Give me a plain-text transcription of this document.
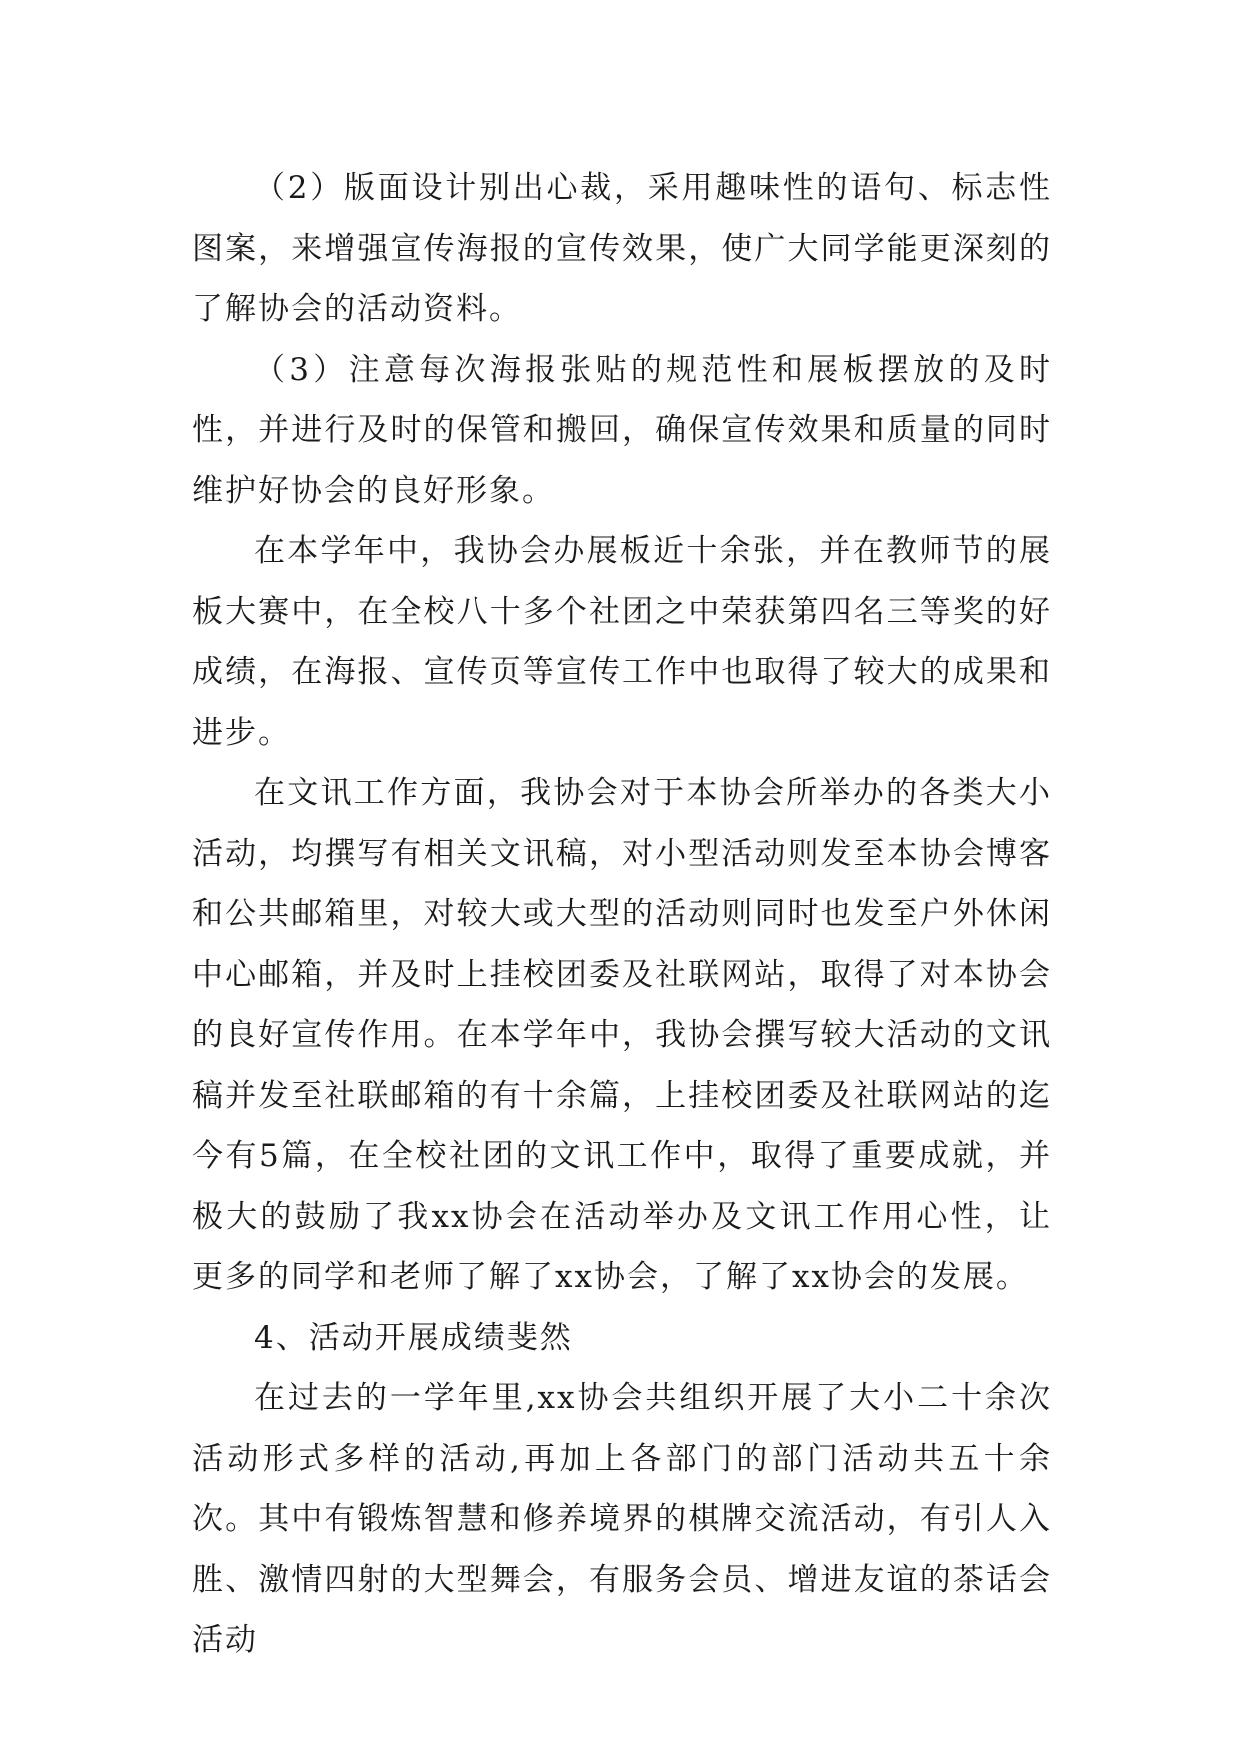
（2）版面设计别出心裁，采用趣味性的语句、标志性图案，来增强宣传海报的宣传效果，使广大同学能更深刻的了解协会的活动资料。

（3）注意每次海报张贴的规范性和展板摆放的及时性，并进行及时的保管和搬回，确保宣传效果和质量的同时维护好协会的良好形象。

在本学年中，我协会办展板近十余张，并在教师节的展板大赛中，在全校八十多个社团之中荣获第四名三等奖的好成绩，在海报、宣传页等宣传工作中也取得了较大的成果和进步。

在文讯工作方面，我协会对于本协会所举办的各类大小活动，均撰写有相关文讯稿，对小型活动则发至本协会博客和公共邮箱里，对较大或大型的活动则同时也发至户外休闲中心邮箱，并及时上挂校团委及社联网站，取得了对本协会的良好宣传作用。在本学年中，我协会撰写较大活动的文讯稿并发至社联邮箱的有十余篇，上挂校团委及社联网站的迄今有5篇，在全校社团的文讯工作中，取得了重要成就，并极大的鼓励了我xx协会在活动举办及文讯工作用心性，让更多的同学和老师了解了xx协会，了解了xx协会的发展。

4、活动开展成绩斐然

在过去的一学年里,xx协会共组织开展了大小二十余次活动形式多样的活动,再加上各部门的部门活动共五十余次。其中有锻炼智慧和修养境界的棋牌交流活动，有引人入胜、激情四射的大型舞会，有服务会员、增进友谊的茶话会活动
